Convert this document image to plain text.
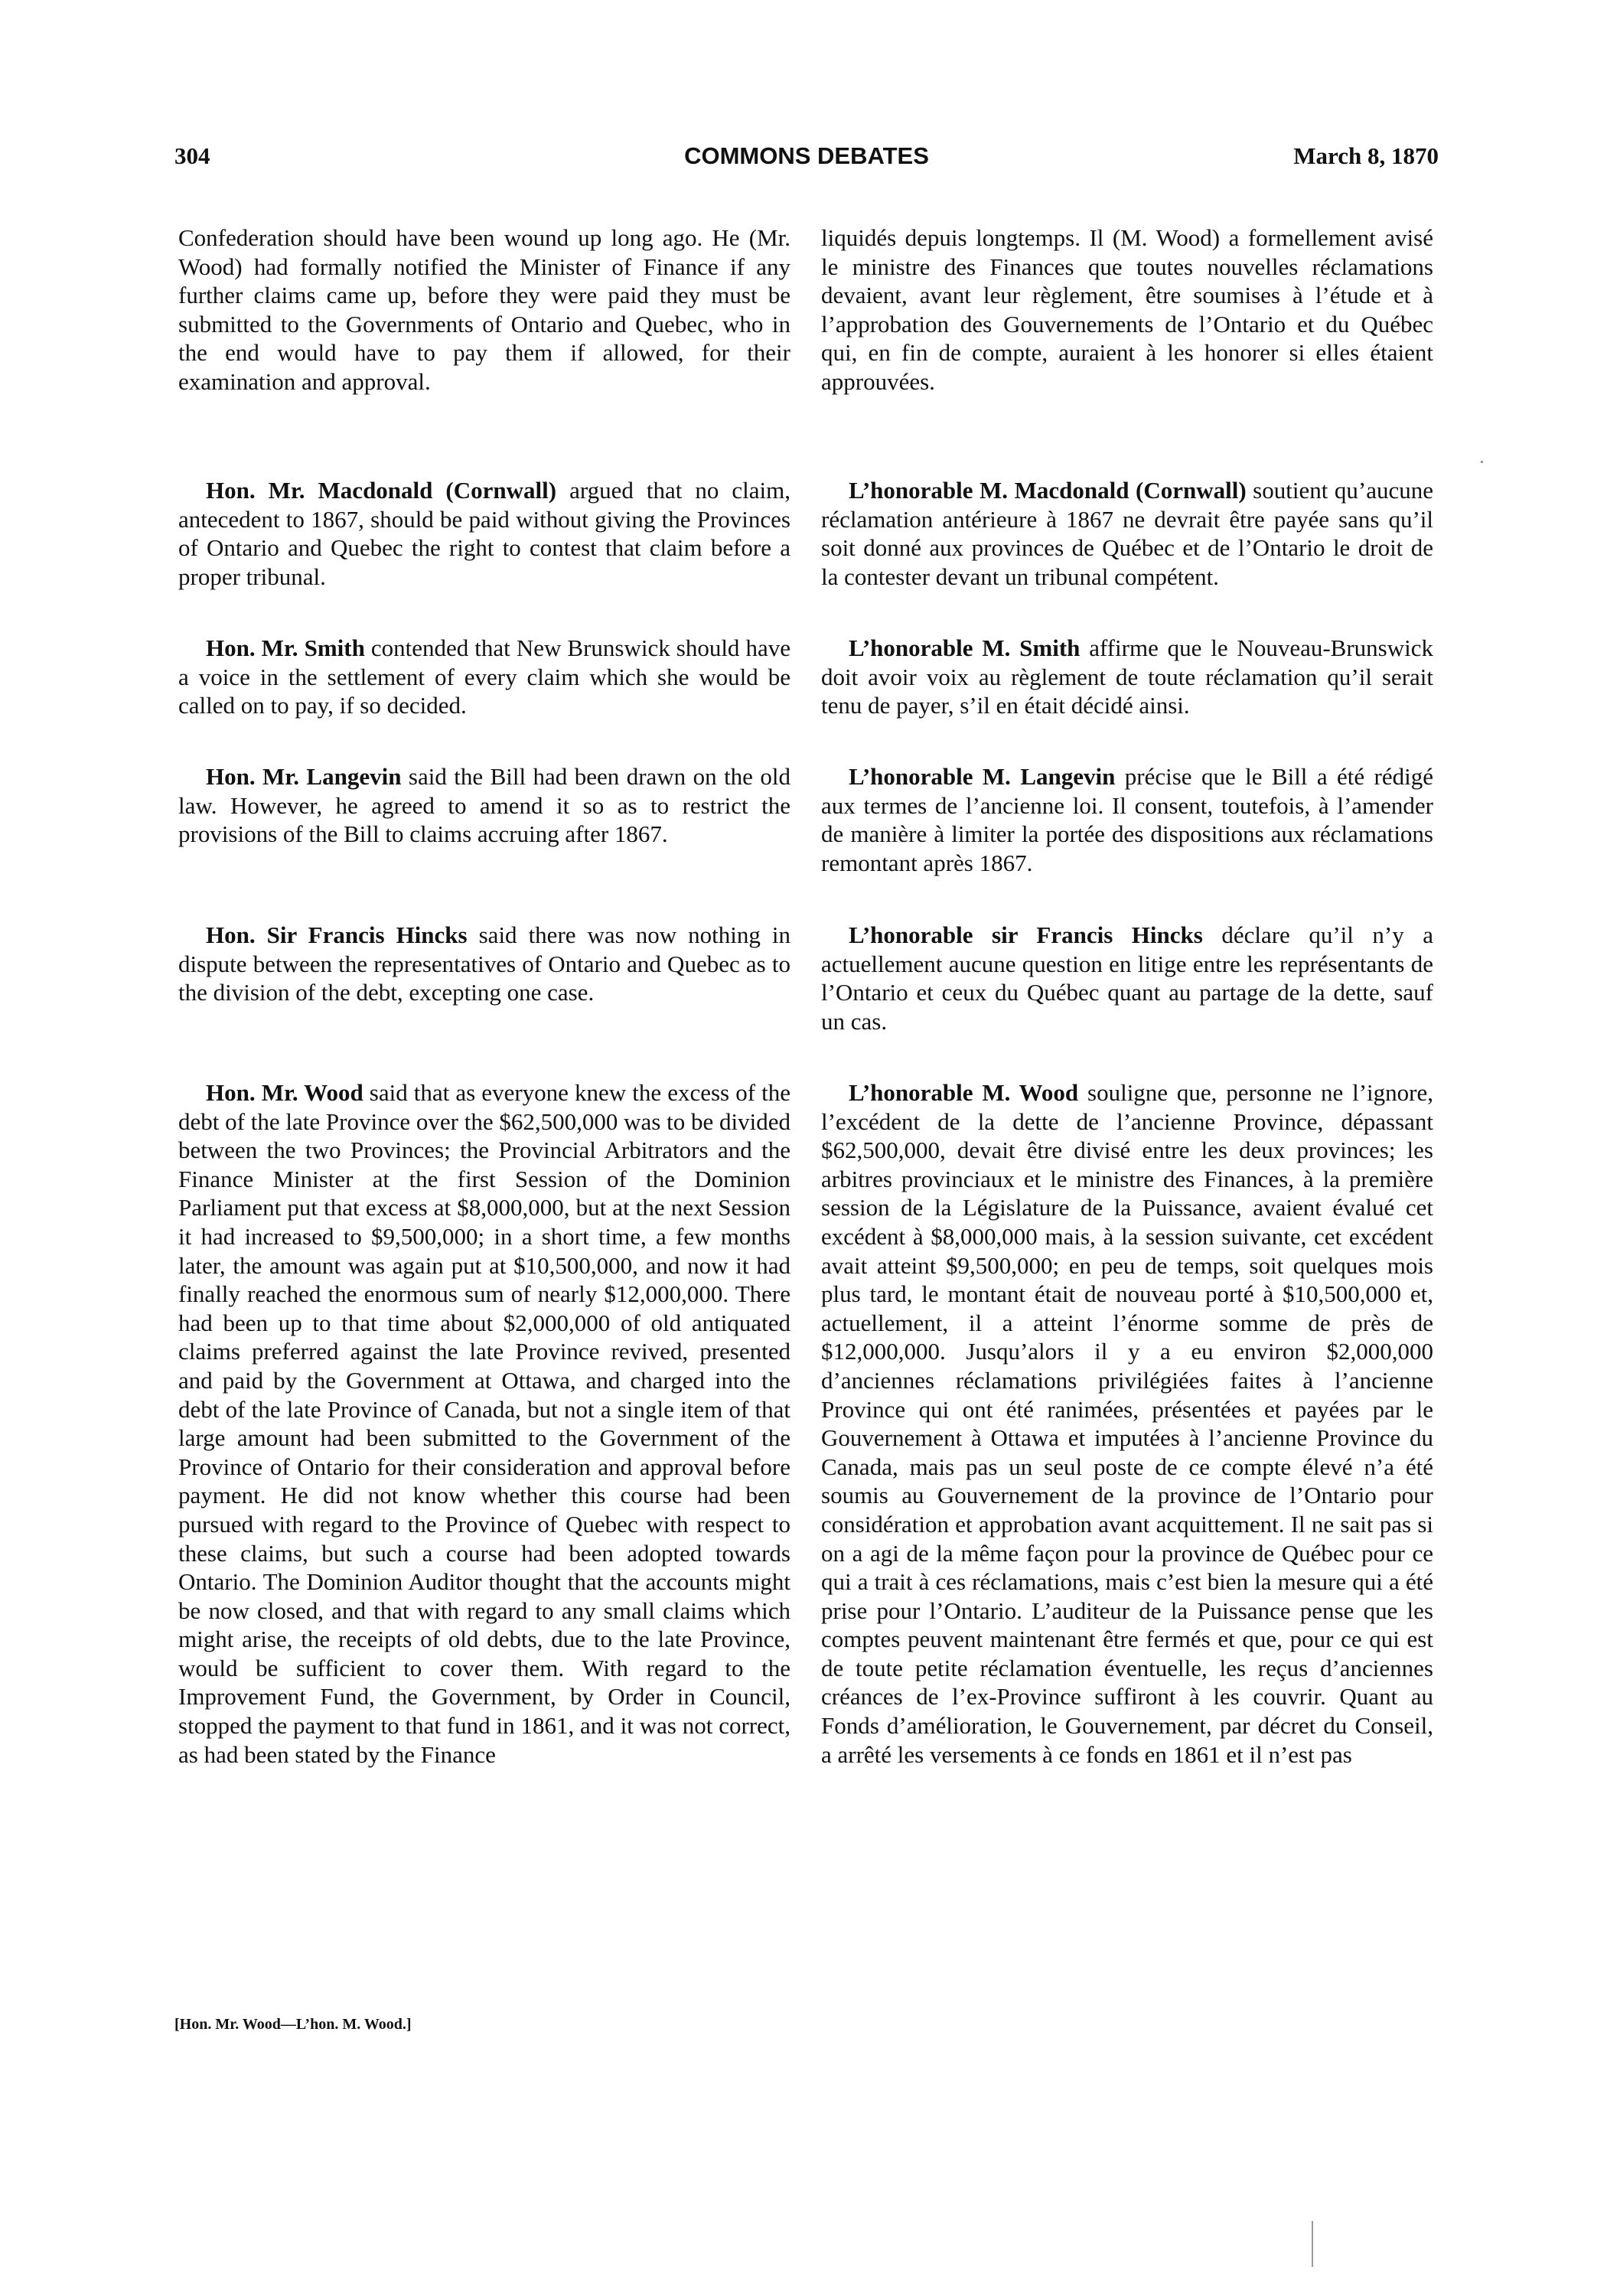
304	COMMONS DEBATES	March 8, 1870

Confederation should have been wound up long ago. He (Mr. Wood) had formally notified the Minister of Finance if any further claims came up, before they were paid they must be submitted to the Governments of Ontario and Quebec, who in the end would have to pay them if allowed, for their examination and approval.

Hon. Mr. Macdonald (Cornwall) argued that no claim, antecedent to 1867, should be paid without giving the Provinces of Ontario and Quebec the right to contest that claim before a proper tribunal.

Hon. Mr. Smith contended that New Brunswick should have a voice in the settlement of every claim which she would be called on to pay, if so decided.

Hon. Mr. Langevin said the Bill had been drawn on the old law. However, he agreed to amend it so as to restrict the provisions of the Bill to claims accruing after 1867.

Hon. Sir Francis Hincks said there was now nothing in dispute between the representatives of Ontario and Quebec as to the division of the debt, excepting one case.

Hon. Mr. Wood said that as everyone knew the excess of the debt of the late Province over the $62,500,000 was to be divided between the two Provinces; the Provincial Arbitrators and the Finance Minister at the first Session of the Dominion Parliament put that excess at $8,000,000, but at the next Session it had increased to $9,500,000; in a short time, a few months later, the amount was again put at $10,500,000, and now it had finally reached the enormous sum of nearly $12,000,000. There had been up to that time about $2,000,000 of old antiquated claims preferred against the late Province revived, presented and paid by the Government at Ottawa, and charged into the debt of the late Province of Canada, but not a single item of that large amount had been submitted to the Government of the Province of Ontario for their consideration and approval before payment. He did not know whether this course had been pursued with regard to the Province of Quebec with respect to these claims, but such a course had been adopted towards Ontario. The Dominion Auditor thought that the accounts might be now closed, and that with regard to any small claims which might arise, the receipts of old debts, due to the late Province, would be sufficient to cover them. With regard to the Improvement Fund, the Government, by Order in Council, stopped the payment to that fund in 1861, and it was not correct, as had been stated by the Finance

liquidés depuis longtemps. Il (M. Wood) a formellement avisé le ministre des Finances que toutes nouvelles réclamations devaient, avant leur règlement, être soumises à l’étude et à l’approbation des Gouvernements de l’Ontario et du Québec qui, en fin de compte, auraient à les honorer si elles étaient approuvées.

L’honorable M. Macdonald (Cornwall) soutient qu’aucune réclamation antérieure à 1867 ne devrait être payée sans qu’il soit donné aux provinces de Québec et de l’Ontario le droit de la contester devant un tribunal compétent.

L’honorable M. Smith affirme que le Nouveau-Brunswick doit avoir voix au règlement de toute réclamation qu’il serait tenu de payer, s’il en était décidé ainsi.

L’honorable M. Langevin précise que le Bill a été rédigé aux termes de l’ancienne loi. Il consent, toutefois, à l’amender de manière à limiter la portée des dispositions aux réclamations remontant après 1867.

L’honorable sir Francis Hincks déclare qu’il n’y a actuellement aucune question en litige entre les représentants de l’Ontario et ceux du Québec quant au partage de la dette, sauf un cas.

L’honorable M. Wood souligne que, personne ne l’ignore, l’excédent de la dette de l’ancienne Province, dépassant $62,500,000, devait être divisé entre les deux provinces; les arbitres provinciaux et le ministre des Finances, à la première session de la Législature de la Puissance, avaient évalué cet excédent à $8,000,000 mais, à la session suivante, cet excédent avait atteint $9,500,000; en peu de temps, soit quelques mois plus tard, le montant était de nouveau porté à $10,500,000 et, actuellement, il a atteint l’énorme somme de près de $12,000,000. Jusqu’alors il y a eu environ $2,000,000 d’anciennes réclamations privilégiées faites à l’ancienne Province qui ont été ranimées, présentées et payées par le Gouvernement à Ottawa et imputées à l’ancienne Province du Canada, mais pas un seul poste de ce compte élevé n’a été soumis au Gouvernement de la province de l’Ontario pour considération et approbation avant acquittement. Il ne sait pas si on a agi de la même façon pour la province de Québec pour ce qui a trait à ces réclamations, mais c’est bien la mesure qui a été prise pour l’Ontario. L’auditeur de la Puissance pense que les comptes peuvent maintenant être fermés et que, pour ce qui est de toute petite réclamation éventuelle, les reçus d’anciennes créances de l’ex-Province suffiront à les couvrir. Quant au Fonds d’amélioration, le Gouvernement, par décret du Conseil, a arrêté les versements à ce fonds en 1861 et il n’est pas

[Hon. Mr. Wood—L’hon. M. Wood.]
